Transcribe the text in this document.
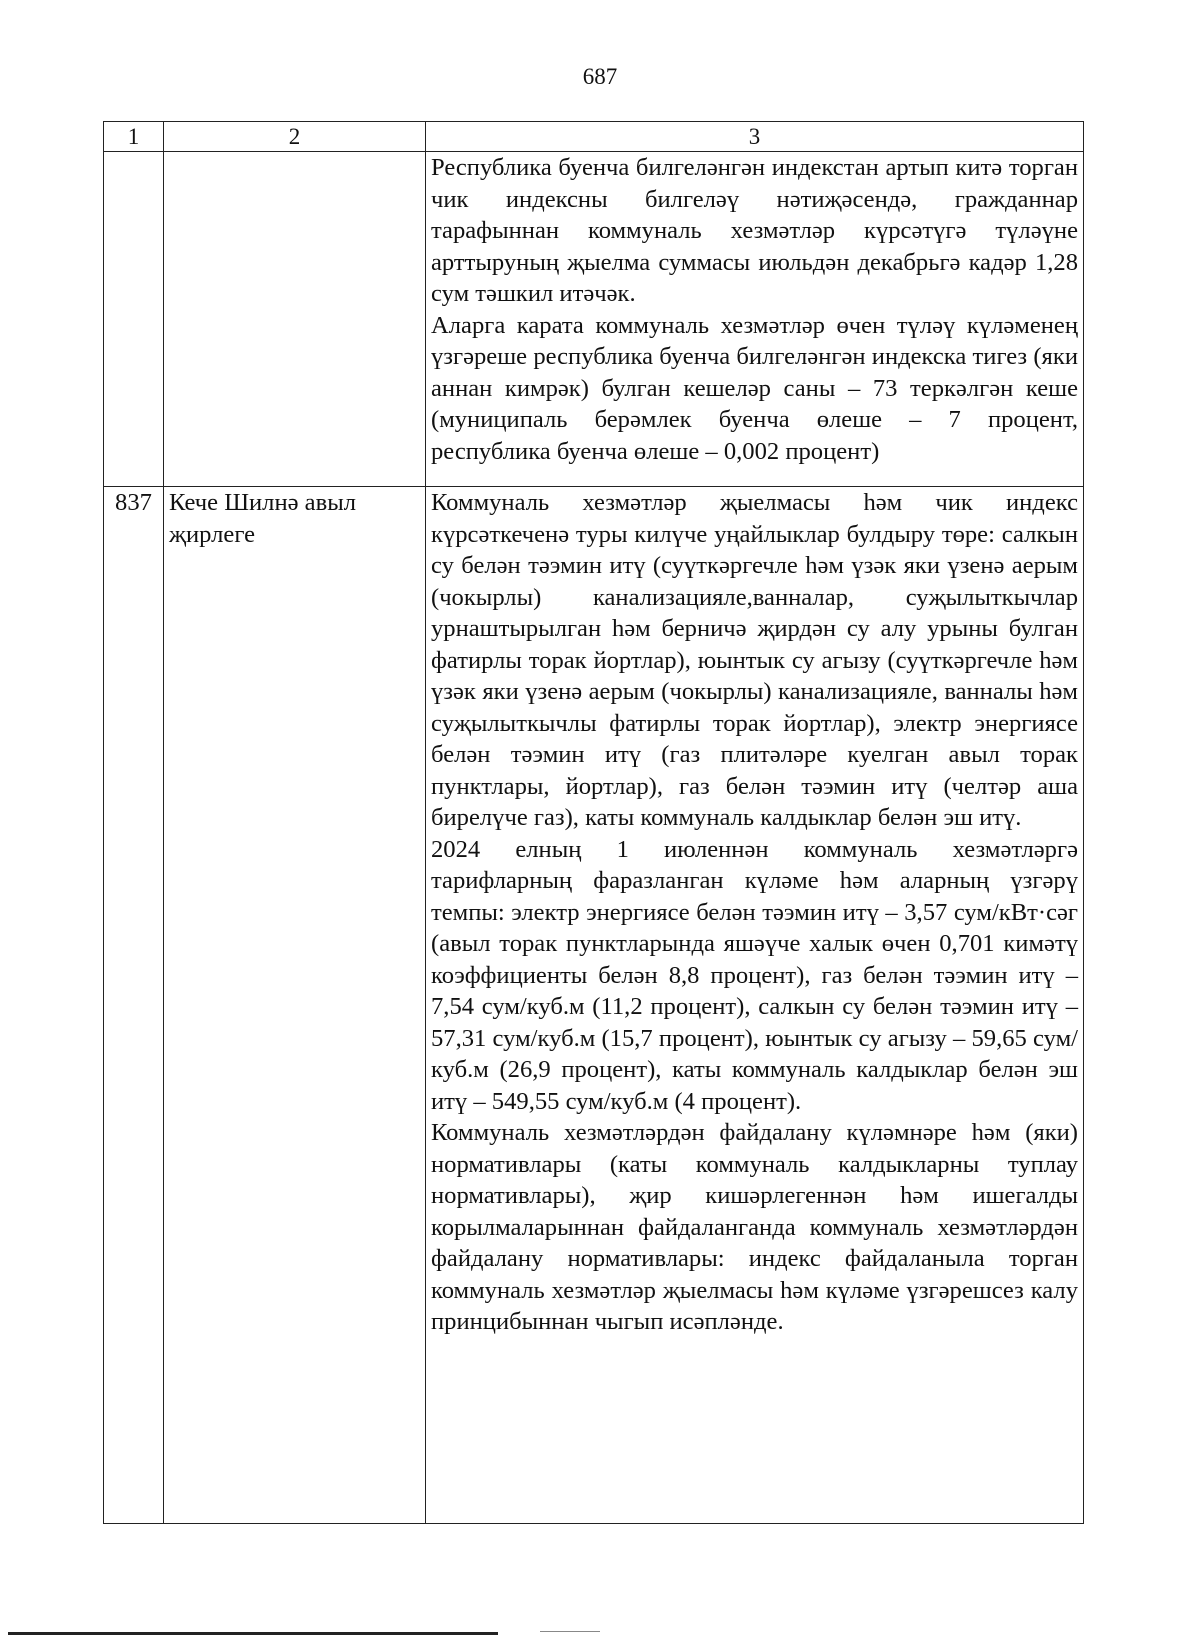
687
1	2	3

		Республика буенча билгеләнгән индекстан артып китә торган чик индексны билгеләү нәтиҗәсендә, гражданнар тарафыннан коммуналь хезмәтләр күрсәтүгә түләүне арттыруның җыелма суммасы июльдән декабрьгә кадәр 1,28 сум тәшкил итәчәк.

Аларга карата коммуналь хезмәтләр өчен түләү күләменең үзгәреше республика буенча билгеләнгән индекска тигез (яки аннан кимрәк) булган кешеләр саны – 73 теркәлгән кеше (муниципаль берәмлек буенча өлеше – 7 процент, республика буенча өлеше – 0,002 процент)

837	Кече Шилнә авыл җирлеге	Коммуналь хезмәтләр җыелмасы һәм чик индекс күрсәткеченә туры килүче уңайлыклар булдыру төре: салкын су белән тәэмин итү (суүткәргечле һәм үзәк яки үзенә аерым (чокырлы) канализацияле,ванналар, суҗылыткычлар урнаштырылган һәм берничә җирдән су алу урыны булган фатирлы торак йортлар), юынтык су агызу (суүткәргечле һәм үзәк яки үзенә аерым (чокырлы) канализацияле, ванналы һәм суҗылыткычлы фатирлы торак йортлар), электр энергиясе белән тәэмин итү (газ плитәләре куелган авыл торак пунктлары, йортлар), газ белән тәэмин итү (челтәр аша бирелүче газ), каты коммуналь калдыклар белән эш итү.

2024 елның 1 июленнән коммуналь хезмәтләргә тарифларның фаразланган күләме һәм аларның үзгәрү темпы: электр энергиясе белән тәэмин итү – 3,57 сум/кВт·сәг (авыл торак пунктларында яшәүче халык өчен 0,701 кимәтү коэффициенты белән 8,8 процент), газ белән тәэмин итү – 7,54 сум/куб.м (11,2 процент), салкын су белән тәэмин итү – 57,31 сум/куб.м (15,7 процент), юынтык су агызу – 59,65 сум/куб.м (26,9 процент), каты коммуналь калдыклар белән эш итү – 549,55 сум/куб.м (4 процент).

Коммуналь хезмәтләрдән файдалану күләмнәре һәм (яки) нормативлары (каты коммуналь калдыкларны туплау нормативлары), җир кишәрлегеннән һәм ишегалды корылмаларыннан файдаланганда коммуналь хезмәтләрдән файдалану нормативлары: индекс файдаланыла торган коммуналь хезмәтләр җыелмасы һәм күләме үзгәрешсез калу принцибыннан чыгып исәпләнде.
